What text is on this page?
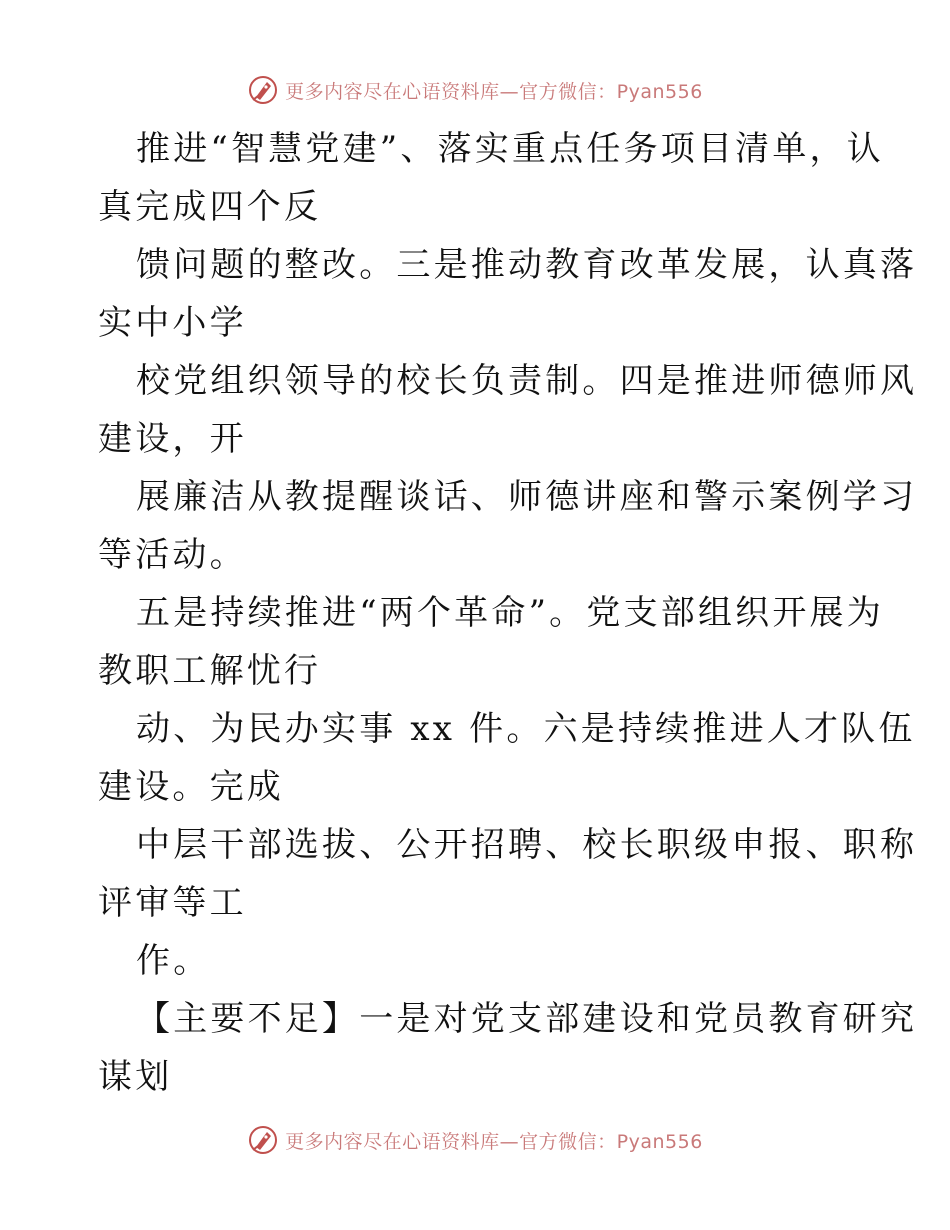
更多内容尽在心语资料库—官方微信：Pyan556
推进“智慧党建”、落实重点任务项目清单，认
真完成四个反
馈问题的整改。三是推动教育改革发展，认真落
实中小学
校党组织领导的校长负责制。四是推进师德师风
建设，开
展廉洁从教提醒谈话、师德讲座和警示案例学习
等活动。
五是持续推进“两个革命”。党支部组织开展为
教职工解忧行
动、为民办实事 xx 件。六是持续推进人才队伍
建设。完成
中层干部选拔、公开招聘、校长职级申报、职称
评审等工
作。
【主要不足】一是对党支部建设和党员教育研究
谋划
更多内容尽在心语资料库—官方微信：Pyan556
